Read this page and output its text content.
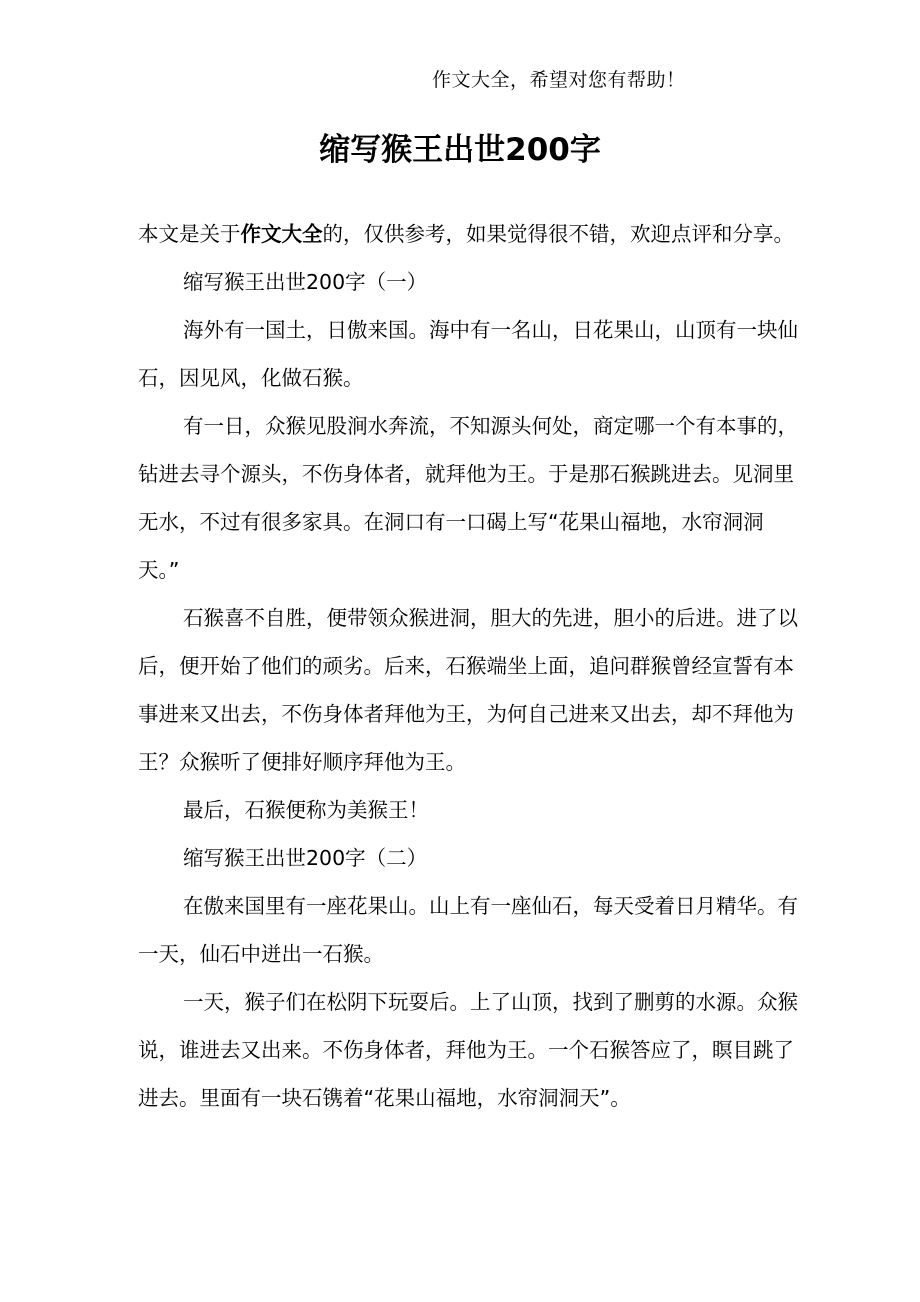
作文大全，希望对您有帮助！
缩写猴王出世200字

本文是关于作文大全的，仅供参考，如果觉得很不错，欢迎点评和分享。

缩写猴王出世200字（一）

海外有一国土，日傲来国。海中有一名山，日花果山，山顶有一块仙石，因见风，化做石猴。

有一日，众猴见股涧水奔流，不知源头何处，商定哪一个有本事的，钻进去寻个源头，不伤身体者，就拜他为王。于是那石猴跳进去。见洞里无水，不过有很多家具。在洞口有一口碣上写“花果山福地，水帘洞洞天。”

石猴喜不自胜，便带领众猴进洞，胆大的先进，胆小的后进。进了以后，便开始了他们的顽劣。后来，石猴端坐上面，追问群猴曾经宣誓有本事进来又出去，不伤身体者拜他为王，为何自己进来又出去，却不拜他为王？众猴听了便排好顺序拜他为王。

最后，石猴便称为美猴王！

缩写猴王出世200字（二）

在傲来国里有一座花果山。山上有一座仙石，每天受着日月精华。有一天，仙石中迸出一石猴。

一天，猴子们在松阴下玩耍后。上了山顶，找到了删剪的水源。众猴说，谁进去又出来。不伤身体者，拜他为王。一个石猴答应了，瞑目跳了进去。里面有一块石镌着“花果山福地，水帘洞洞天”。
